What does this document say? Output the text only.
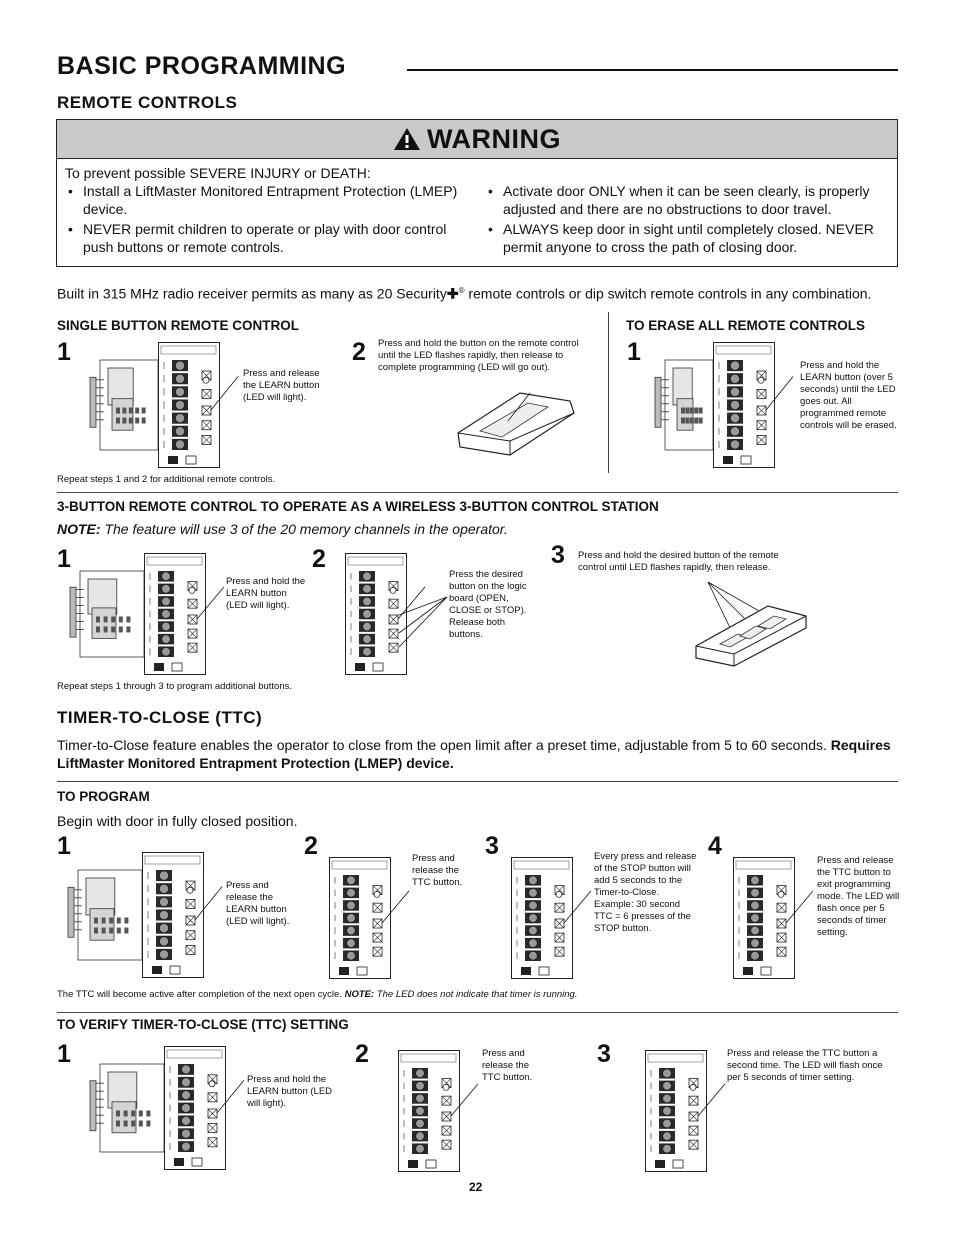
BASIC PROGRAMMING
REMOTE CONTROLS
WARNING
To prevent possible SEVERE INJURY or DEATH:
• Install a LiftMaster Monitored Entrapment Protection (LMEP) device.
• NEVER permit children to operate or play with door control push buttons or remote controls.
• Activate door ONLY when it can be seen clearly, is properly adjusted and there are no obstructions to door travel.
• ALWAYS keep door in sight until completely closed. NEVER permit anyone to cross the path of closing door.
Built in 315 MHz radio receiver permits as many as 20 Security✚® remote controls or dip switch remote controls in any combination.
SINGLE BUTTON REMOTE CONTROL
1
Press and release the LEARN button (LED will light).
2 Press and hold the button on the remote control until the LED flashes rapidly, then release to complete programming (LED will go out).
Repeat steps 1 and 2 for additional remote controls.
TO ERASE ALL REMOTE CONTROLS
1	Press and hold the LEARN button (over 5 seconds) until the LED goes out. All programmed remote controls will be erased.
3-BUTTON REMOTE CONTROL TO OPERATE AS A WIRELESS 3-BUTTON CONTROL STATION
NOTE: The feature will use 3 of the 20 memory channels in the operator.
1
Press and hold the LEARN button (LED will light).
2
Press the desired button on the logic board (OPEN, CLOSE or STOP). Release both buttons.
3 Press and hold the desired button of the remote control until LED flashes rapidly, then release.
Repeat steps 1 through 3 to program additional buttons.
TIMER-TO-CLOSE (TTC)
Timer-to-Close feature enables the operator to close from the open limit after a preset time, adjustable from 5 to 60 seconds. Requires LiftMaster Monitored Entrapment Protection (LMEP) device.
TO PROGRAM
Begin with door in fully closed position.
1
Press and release the LEARN button (LED will light).
2	Press and release the TTC button.
3	Every press and release of the STOP button will add 5 seconds to the Timer-to-Close. Example: 30 second TTC = 6 presses of the STOP button.
4
Press and release the TTC button to exit programming mode. The LED will flash once per 5 seconds of timer setting.
The TTC will become active after completion of the next open cycle. NOTE: The LED does not indicate that timer is running.
TO VERIFY TIMER-TO-CLOSE (TTC) SETTING
1
Press and hold the LEARN button (LED will light).
2	Press and release the TTC button.
3	Press and release the TTC button a second time. The LED will flash once per 5 seconds of timer setting.
22
